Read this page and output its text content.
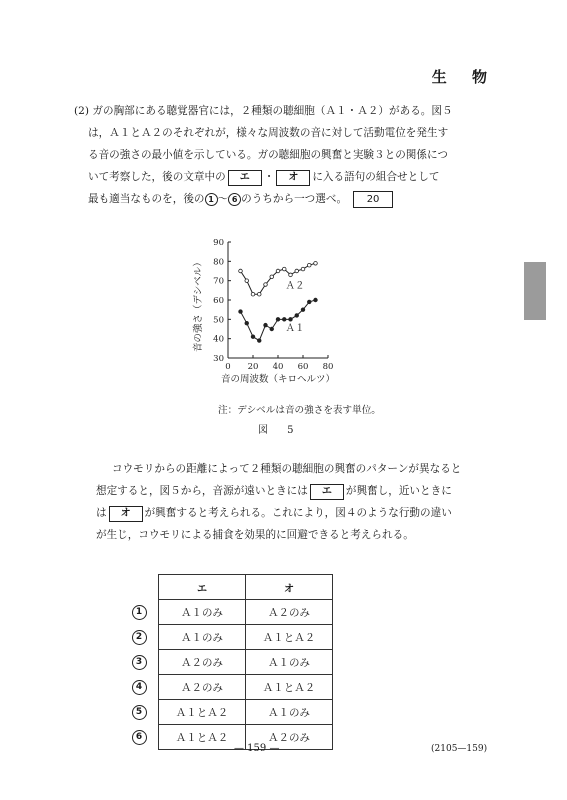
生 物
(2) ガの胸部にある聴覚器官には，２種類の聴細胞（Ａ１・Ａ２）がある。図５
は，Ａ１とＡ２のそれぞれが，様々な周波数の音に対して活動電位を発生す
る音の強さの最小値を示している。ガの聴細胞の興奮と実験３との関係につ
いて考察した，後の文章中の エ ・ オ に入る語句の組合せとして
最も適当なものを，後の 1 ～ 6 のうちから一つ選べ。 20
30
40
50
60
70
80
90
0 20 40 60 80
音の周波数（キロヘルツ）
Ａ２
Ａ１
音の強さ（デシベル）
注：デシベルは音の強さを表す単位。
図 5
コウモリからの距離によって２種類の聴細胞の興奮のパターンが異なると
想定すると，図５から，音源が遠いときには エ が興奮し，近いときに
は オ が興奮すると考えられる。これにより，図４のような行動の違い
が生じ，コウモリによる捕食を効果的に回避できると考えられる。
	エ	オ
1	Ａ１のみ	Ａ２のみ
2	Ａ１のみ	Ａ１とＡ２
3	Ａ２のみ	Ａ１のみ
4	Ａ２のみ	Ａ１とＡ２
5	Ａ１とＡ２	Ａ１のみ
6	Ａ１とＡ２	Ａ２のみ
— 159 —	(2105—159)
